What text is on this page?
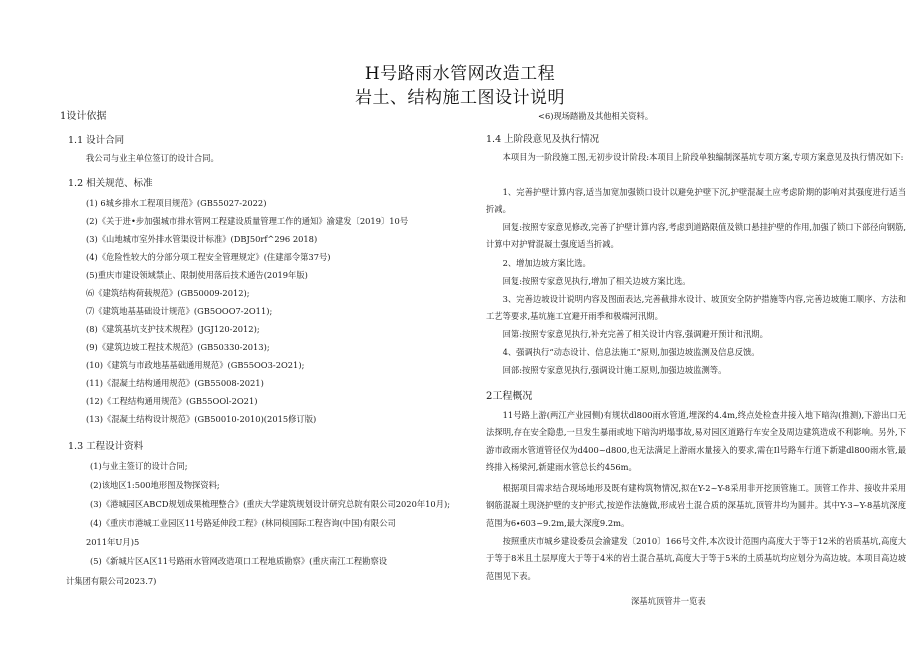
H号路雨水管网改造工程
岩土、结构施工图设计说明
1设计依据
1.1 设计合同
我公司与业主单位签订的设计合同。
1.2 相关规范、标准
(1) 6城乡排水工程项目规范》(GB55027-2022)
(2)《关于进•步加强城市排水管网工程建设质量管理工作的通知》渝建发〔2019〕10号
(3)《山地城市室外排水管渠设计标准》(DBJ50rf^296 2018)
(4)《危险性较大的分部分项工程安全管理规定》(住建部令第37号)
(5)重庆市建设领域禁止、限制使用落后技术通告(2019年版)
⑹《建筑结构荷载规范》(GB50009-2012);
⑺《建筑地基基础设计规范》(GB5OOO7-2O11);
(8)《建筑基坑支护技术规程》(JGJ120-2012);
(9)《建筑边坡工程技术规范》(GB50330-2013);
(10)《建筑与市政地基基础通用规范》(GB55OO3-2O21);
(11)《混凝土结构通用规范》(GB55008-2021)
(12)《工程结构通用规范》(GB55OOl-2O21)
(13)《混凝土结构设计规范》(GB50010-2010)(2015修订版)
1.3 工程设计资料
(1)与业主签订的设计合同;
(2)该地区1:500地形图及物探资料;
(3)《港城园区ABCD规划成果梳理整合》(重庆大学建筑规划设计研究总院有限公司2020年10月);
(4)《重庆市港城工业园区11号路延伸段工程》(林同棪国际工程咨询(中国)有限公司
2011年U月)5
(5)《新城片区A区11号路雨水管网改造项口工程地质勘察》(重庆南江工程勘察设
计集团有限公司2023.7)
<6)现场踏勘及其他相关资料。
1.4 上阶段意见及执行情况
本项目为一阶段施工图,无初步设计阶段:本项目上阶段单独编制深基坑专项方案,专项方案意见及执行情况如下:
1、完善护壁计算内容,适当加宽加强锁口设计以避免护壁下沉,护壁混凝土应考虑阶期的影响对其强度进行适当折减。
回复:按照专家意见修改,完善了护壁计算内容,考虑到道路限值及锁口悬挂护壁的作用,加强了锁口下部径向钢筋,计算中对护臂混凝土强度适当折减。
2、增加边坡方案比选。
回复:按照专家意见执行,增加了相关边坡方案比选。
3、完善边坡设计说明内容及图面表达,完善截排水设计、坡顶安全防护措施等内容,完善边坡施工顺序、方法和工艺等要求,基坑施工宜避开雨季和极端河汛期。
回第:按照专家意见执行,补充完善了相关设计内容,强调避开预计和汛期。
4、强调执行“动态设计、信息法施工”原则,加强边坡监测及信息反馈。
回部:按照专家意见执行,强调设计施工原则,加强边坡监测等。
2工程概况
11号路上游(两江产业园侧)有规状dl800雨水管道,埋深约4.4m,终点处检查井接入地下暗沟(推测),下游出口无法探明,存在安全隐患,一旦发生暴雨或地下暗沟坍塌事故,易对园区道路行车安全及周边建筑造成不利影响。另外,下游市政雨水管道管径仅为d400~d800,也无法满足上游雨水量接入的要求,需在Il号路车行道下新建dl800雨水管,最终排入杨梁河,新建雨水管总长约456m。
根据项目需求结合现场地形及既有建构筑物情况,拟在Y-2~Y-8采用非开挖顶管施工。顶管工作井、接收井采用钢筋混凝土现浇护壁的支护形式,按逆作法施做,形成岩土混合质的深基坑,顶管井均为圆井。其中Y-3~Y-8基坑深度范围为6∙603~9.2m,最大深度9.2m。
按照重庆市城乡建设委员会渝建发〔2010〕166号文件,本次设计范围内高度大于等于12米的岩质基坑,高度大于等于8米且土层厚度大于等于4米的岩土混合基坑,高度大于等于5米的土质基坑均应划分为高边坡。本项目高边坡范围见下表。
深基坑顶管井一览表
